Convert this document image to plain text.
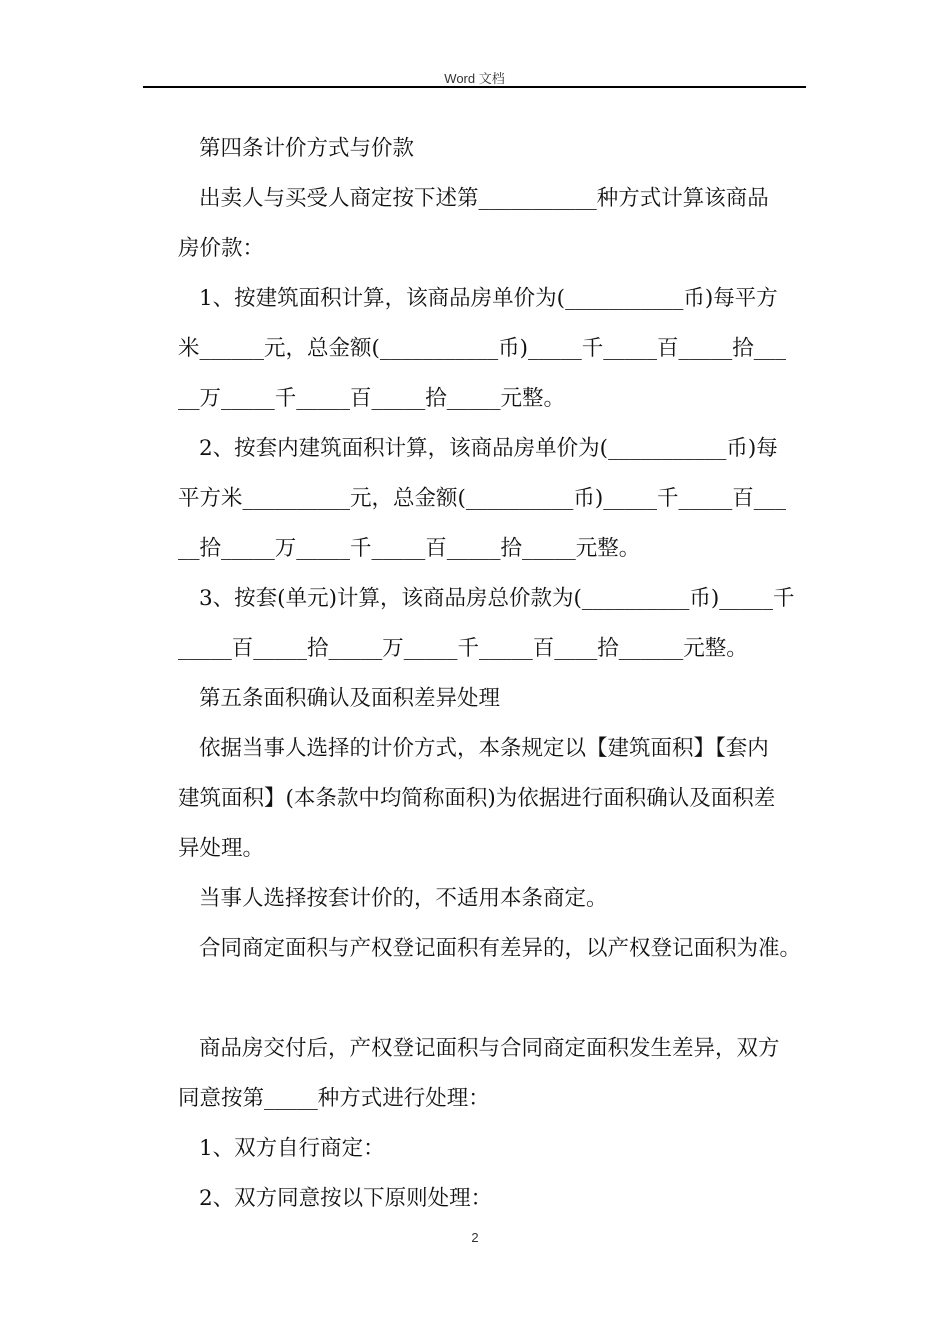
Word 文档
第四条计价方式与价款
出卖人与买受人商定按下述第___________种方式计算该商品
房价款：
1、按建筑面积计算，该商品房单价为(___________币)每平方
米______元，总金额(___________币)_____千_____百_____拾___
__万_____千_____百_____拾_____元整。
2、按套内建筑面积计算，该商品房单价为(___________币)每
平方米__________元，总金额(__________币)_____千_____百___
__拾_____万_____千_____百_____拾_____元整。
3、按套(单元)计算，该商品房总价款为(__________币)_____千
_____百_____拾_____万_____千_____百____拾______元整。
第五条面积确认及面积差异处理
依据当事人选择的计价方式，本条规定以【建筑面积】【套内
建筑面积】(本条款中均简称面积)为依据进行面积确认及面积差
异处理。
当事人选择按套计价的，不适用本条商定。
合同商定面积与产权登记面积有差异的，以产权登记面积为准。
商品房交付后，产权登记面积与合同商定面积发生差异，双方
同意按第_____种方式进行处理：
1、双方自行商定：
2、双方同意按以下原则处理：
2
